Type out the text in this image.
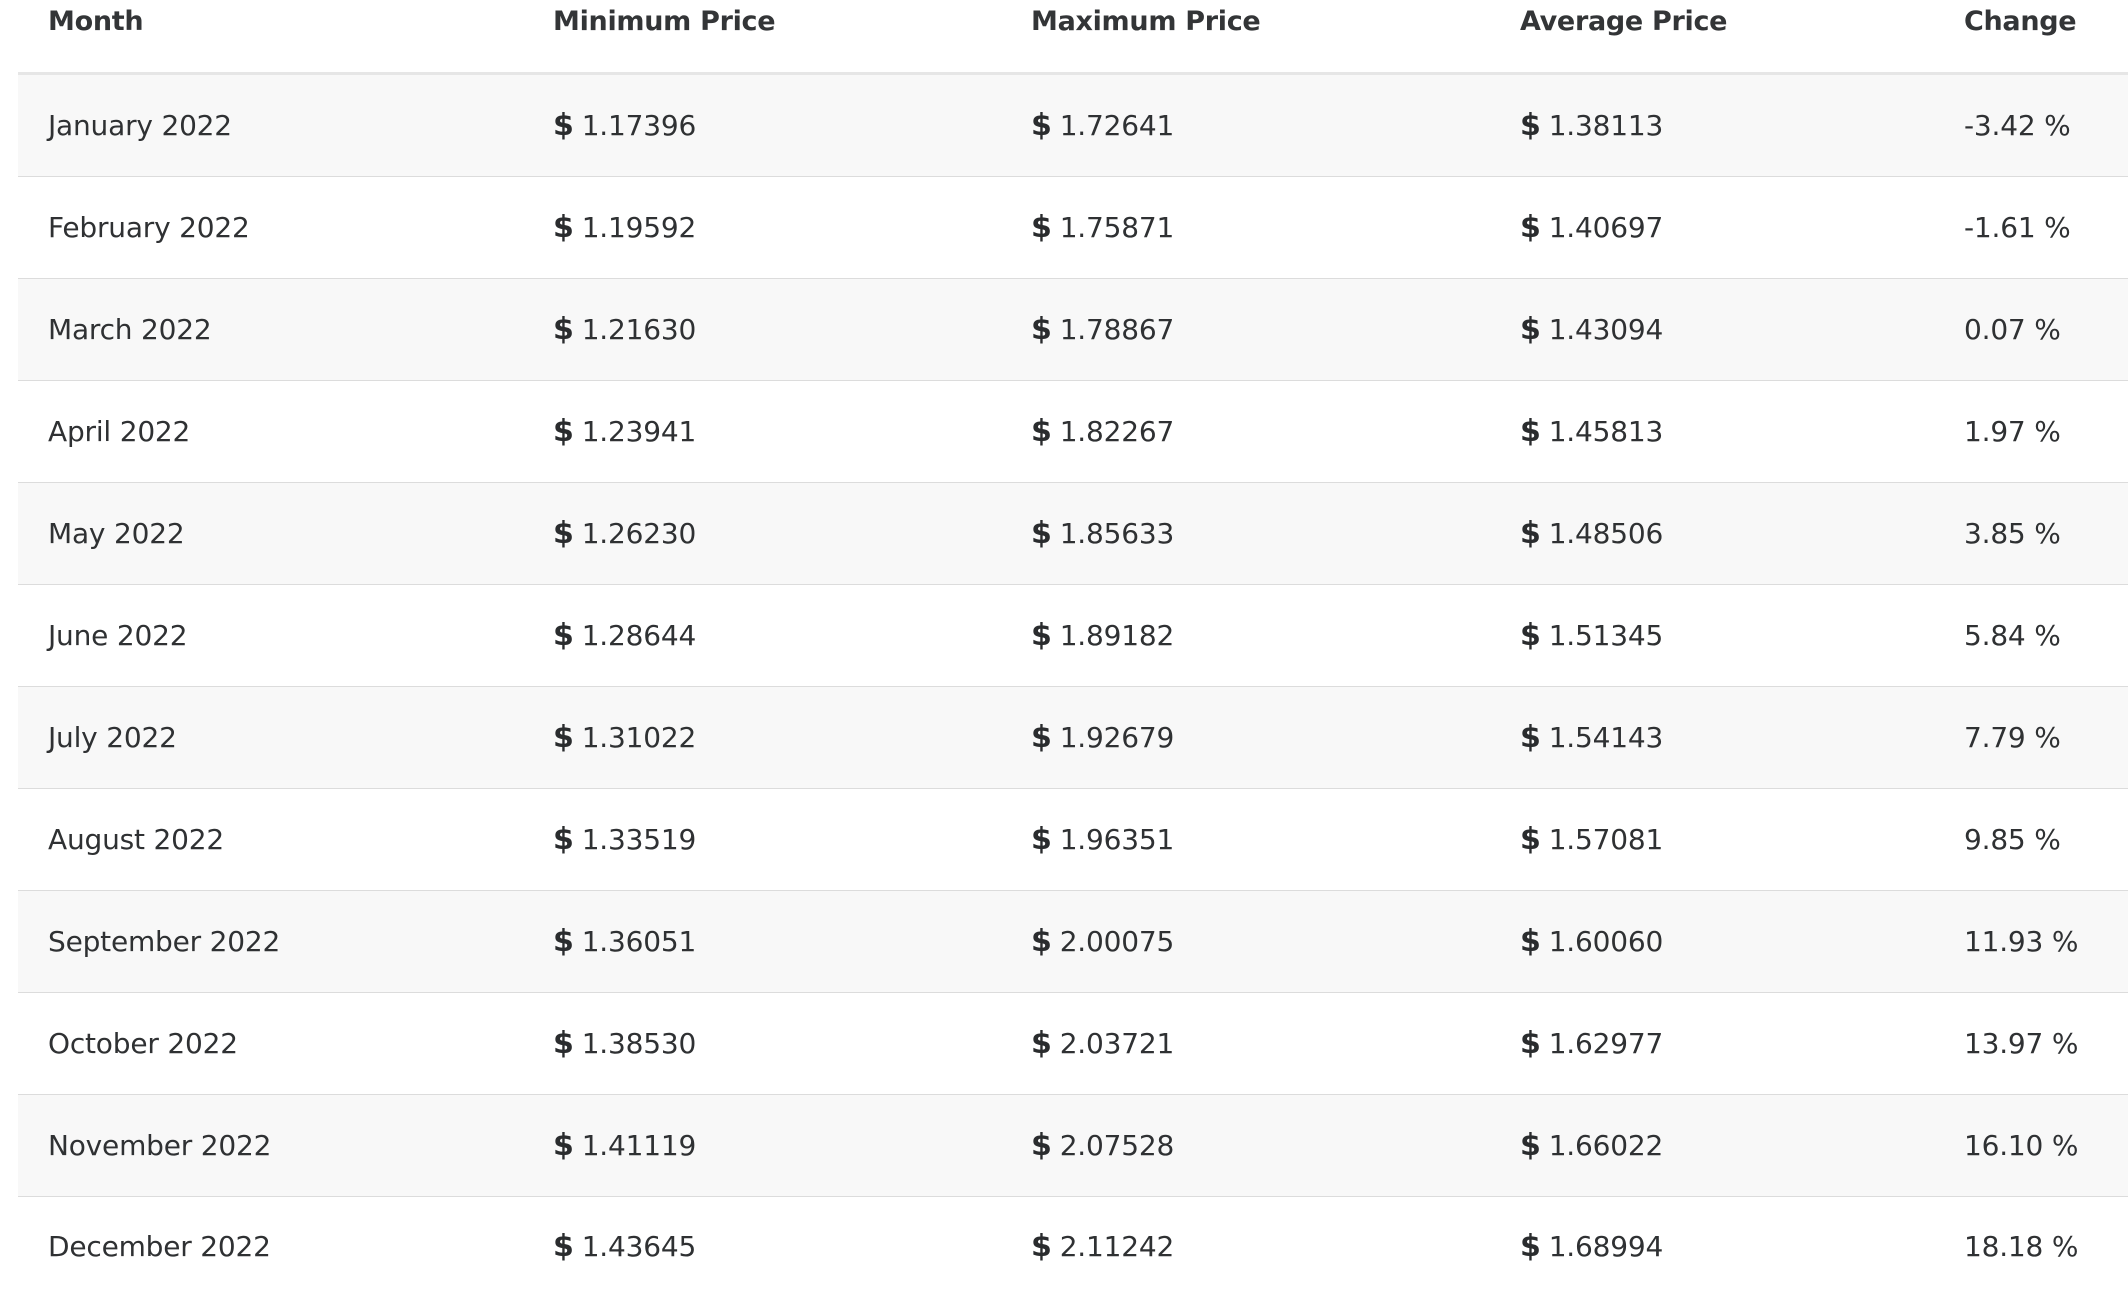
Month	Minimum Price	Maximum Price	Average Price	Change
January 2022	$ 1.17396	$ 1.72641	$ 1.38113	-3.42 %
February 2022	$ 1.19592	$ 1.75871	$ 1.40697	-1.61 %
March 2022	$ 1.21630	$ 1.78867	$ 1.43094	0.07 %
April 2022	$ 1.23941	$ 1.82267	$ 1.45813	1.97 %
May 2022	$ 1.26230	$ 1.85633	$ 1.48506	3.85 %
June 2022	$ 1.28644	$ 1.89182	$ 1.51345	5.84 %
July 2022	$ 1.31022	$ 1.92679	$ 1.54143	7.79 %
August 2022	$ 1.33519	$ 1.96351	$ 1.57081	9.85 %
September 2022	$ 1.36051	$ 2.00075	$ 1.60060	11.93 %
October 2022	$ 1.38530	$ 2.03721	$ 1.62977	13.97 %
November 2022	$ 1.41119	$ 2.07528	$ 1.66022	16.10 %
December 2022	$ 1.43645	$ 2.11242	$ 1.68994	18.18 %
